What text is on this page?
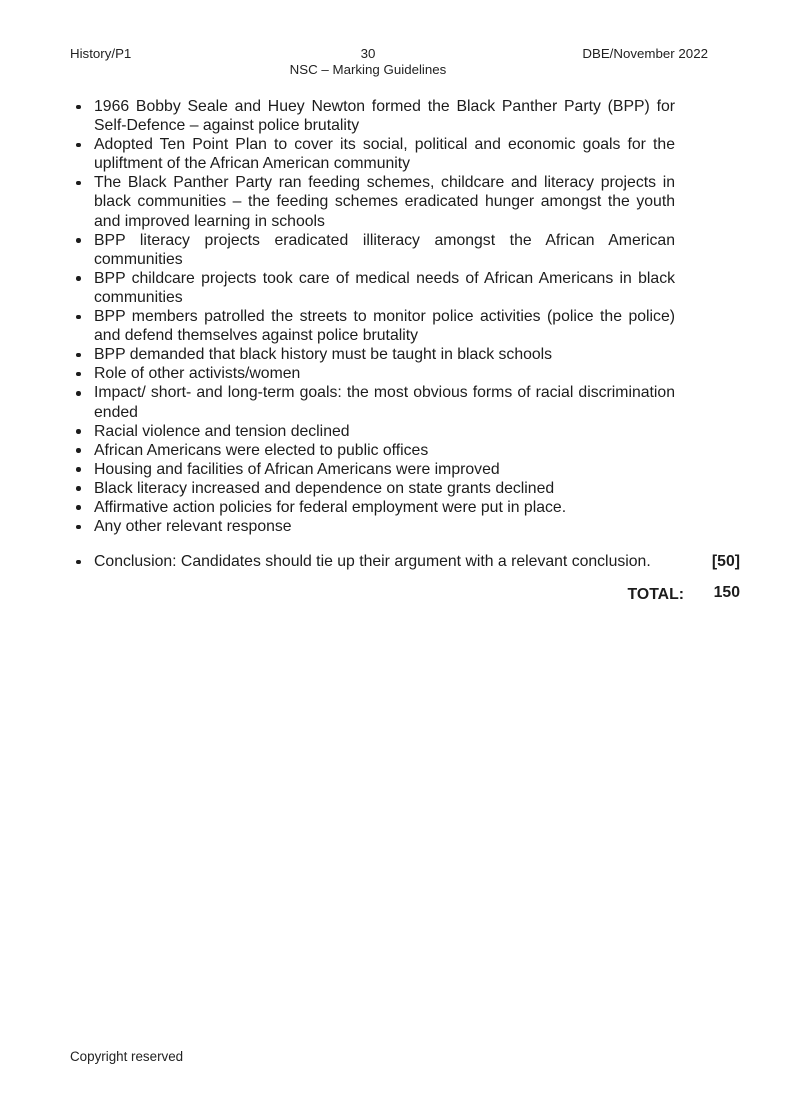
History/P1	30
NSC – Marking Guidelines
DBE/November 2022
1966 Bobby Seale and Huey Newton formed the Black Panther Party (BPP) for Self-Defence – against police brutality
Adopted Ten Point Plan to cover its social, political and economic goals for the upliftment of the African American community
The Black Panther Party ran feeding schemes, childcare and literacy projects in black communities – the feeding schemes eradicated hunger amongst the youth and improved learning in schools
BPP literacy projects eradicated illiteracy amongst the African American communities
BPP childcare projects took care of medical needs of African Americans in black communities
BPP members patrolled the streets to monitor police activities (police the police) and defend themselves against police brutality
BPP demanded that black history must be taught in black schools
Role of other activists/women
Impact/ short- and long-term goals: the most obvious forms of racial discrimination ended
Racial violence and tension declined
African Americans were elected to public offices
Housing and facilities of African Americans were improved
Black literacy increased and dependence on state grants declined
Affirmative action policies for federal employment were put in place.
Any other relevant response
Conclusion: Candidates should tie up their argument with a relevant conclusion.	[50]
TOTAL:	150
Copyright reserved
